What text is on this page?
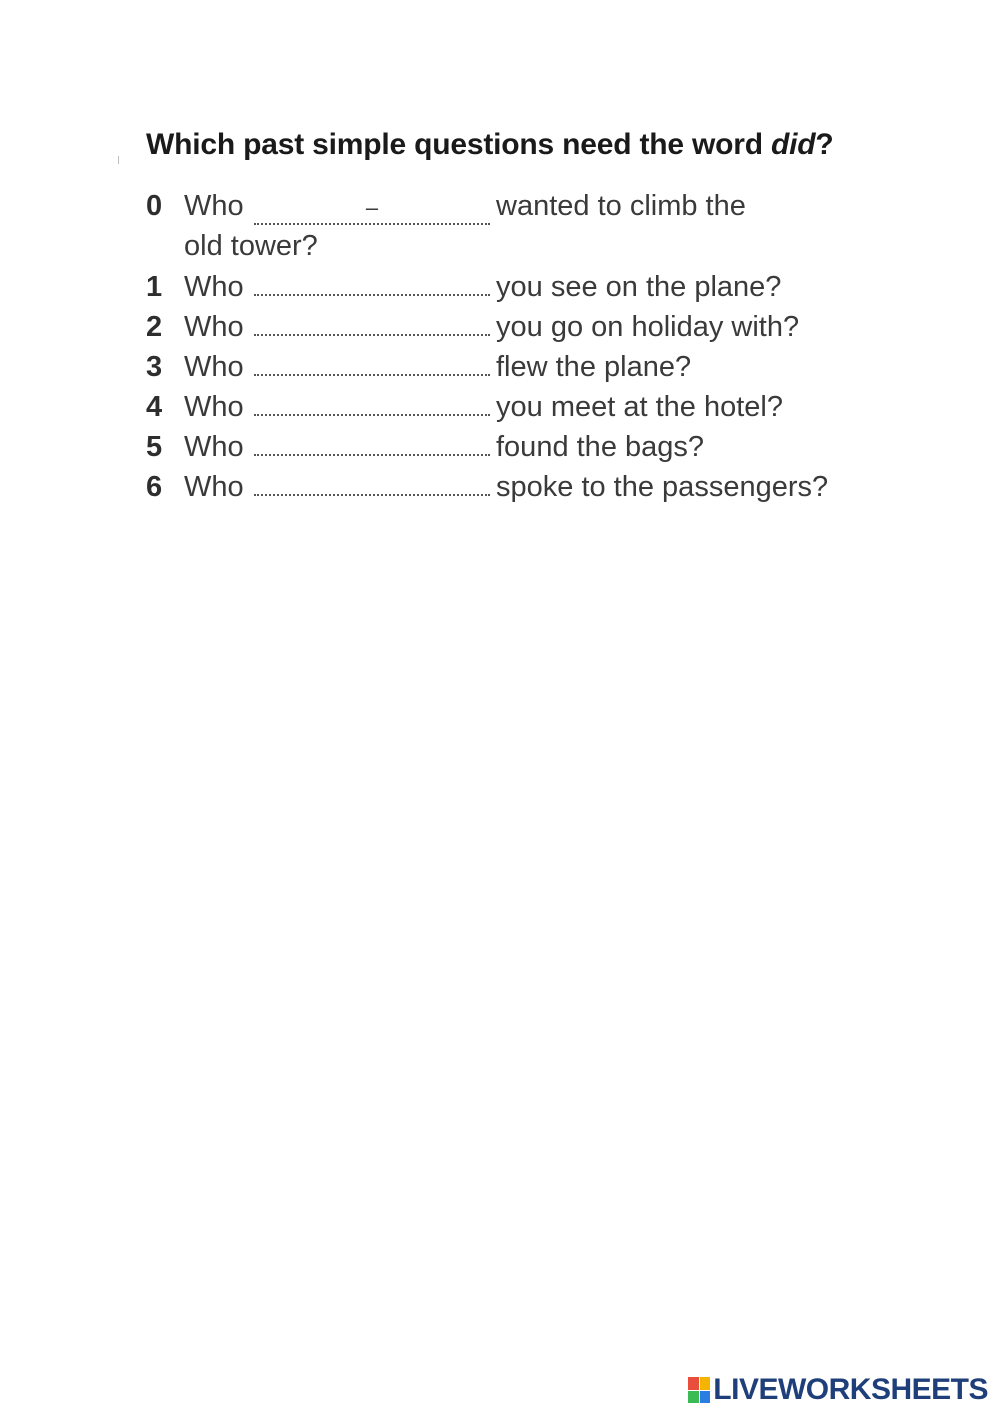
Which past simple questions need the word did?
0 Who	–	wanted to climb the
old tower?
1 Who	you see on the plane?
2 Who	you go on holiday with?
3 Who	flew the plane?
4 Who	you meet at the hotel?
5 Who	found the bags?
6 Who	spoke to the passengers?
LIVEWORKSHEETS
